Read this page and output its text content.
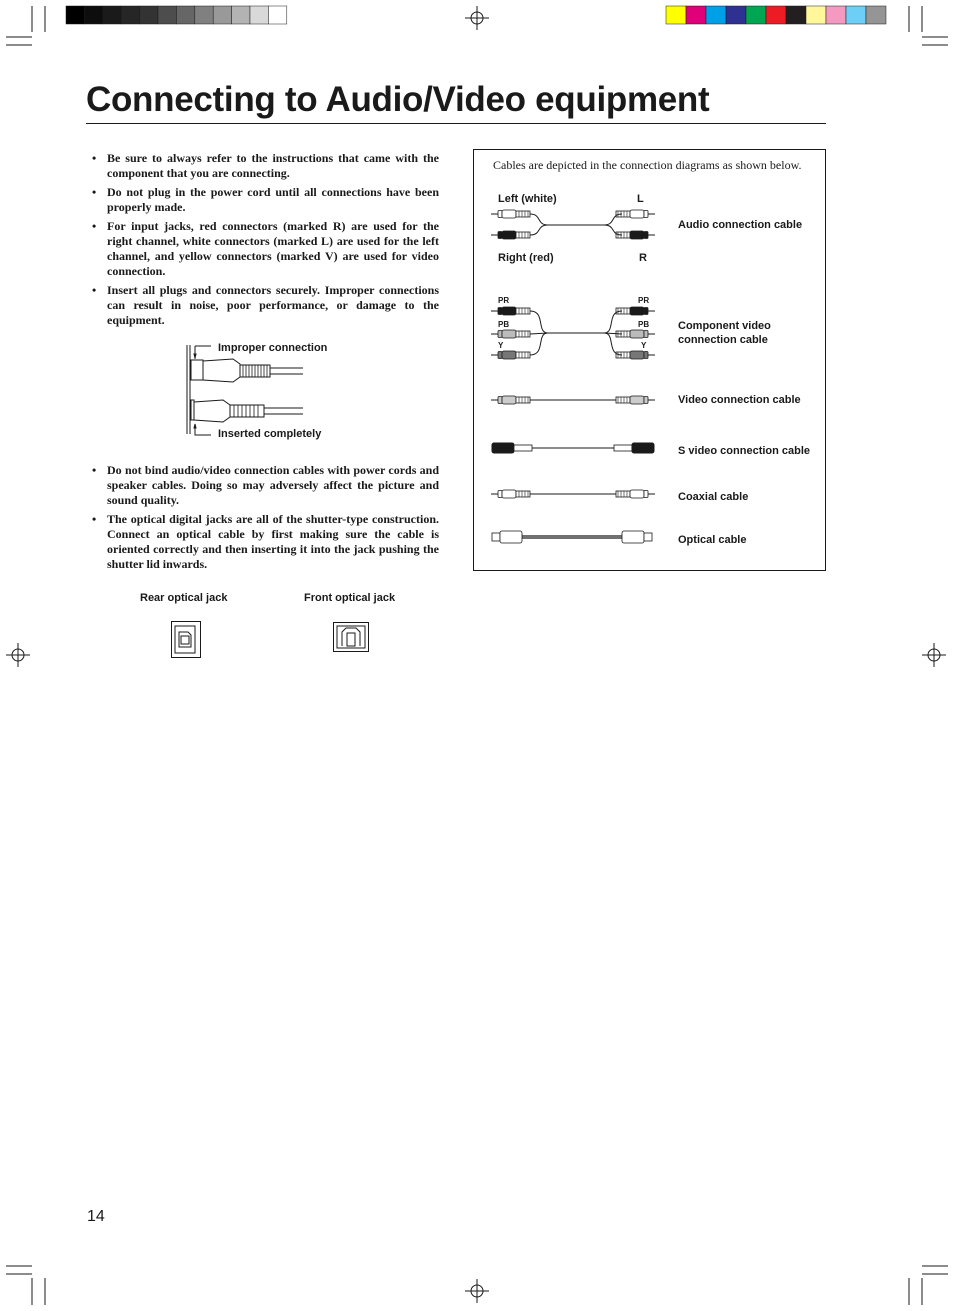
Connecting to Audio/Video equipment
• Be sure to always refer to the instructions that came with the component that you are connecting.
• Do not plug in the power cord until all connections have been properly made.
• For input jacks, red connectors (marked R) are used for the right channel, white connectors (marked L) are used for the left channel, and yellow connectors (marked V) are used for video connection.
• Insert all plugs and connectors securely. Improper connections can result in noise, poor performance, or damage to the equipment.
Improper connection
Inserted completely
• Do not bind audio/video connection cables with power cords and speaker cables. Doing so may adversely affect the picture and sound quality.
• The optical digital jacks are all of the shutter-type construction. Connect an optical cable by first making sure the cable is oriented correctly and then inserting it into the jack pushing the shutter lid inwards.
Rear optical jack	Front optical jack
Cables are depicted in the connection diagrams as shown below.
Left (white)	L
Right (red)	R
Audio connection cable
PR
PB
Y
PR
PB
Y
Component video
connection cable
Video connection cable
S video connection cable
Coaxial cable
Optical cable
14
